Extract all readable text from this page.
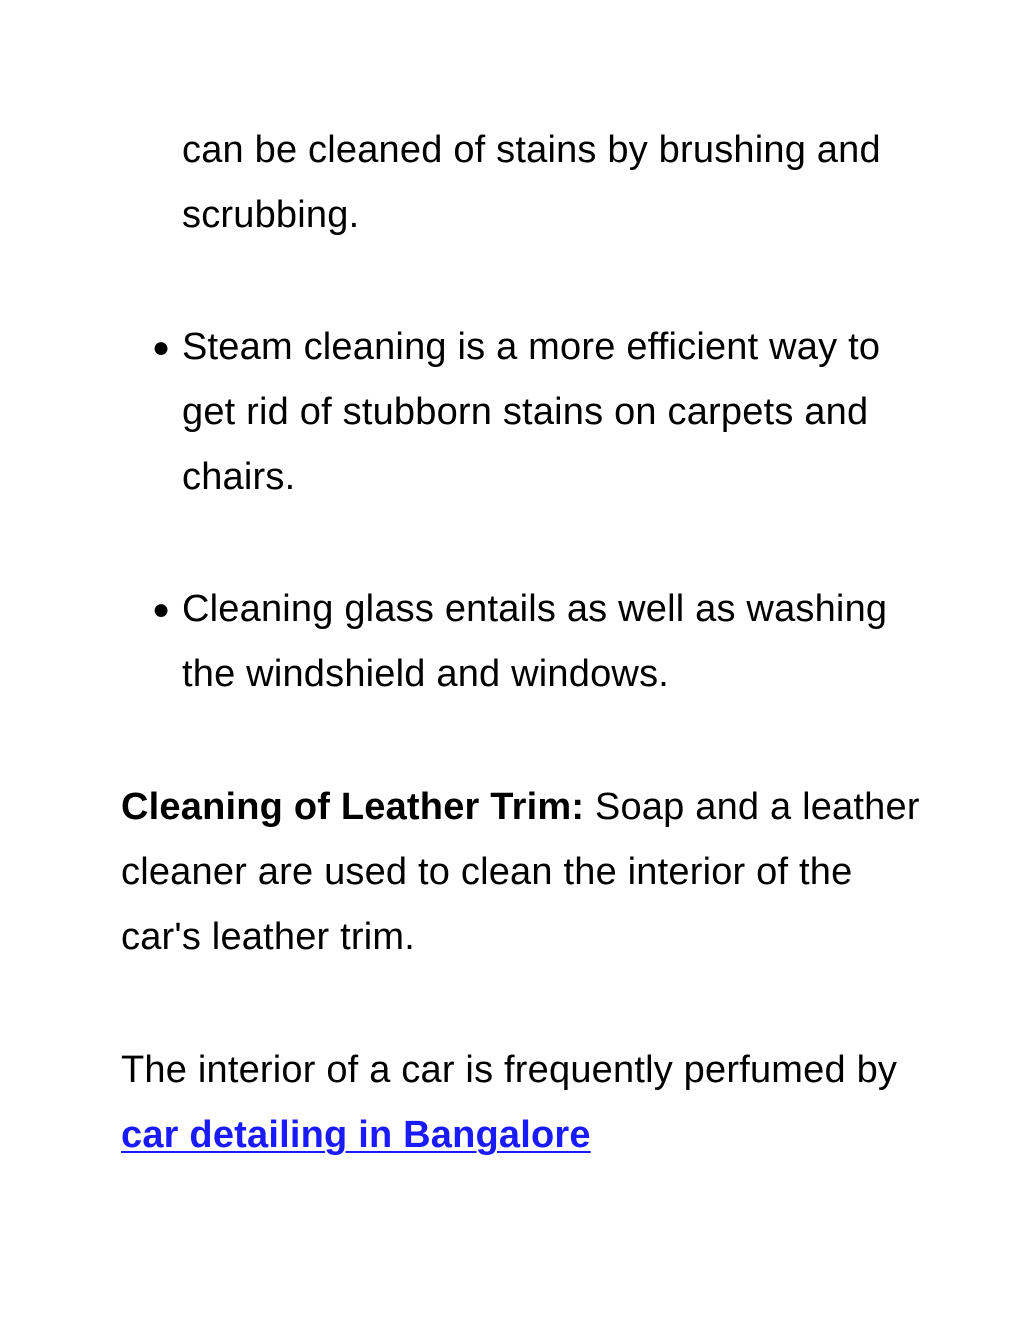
can be cleaned of stains by brushing and scrubbing.
● Steam cleaning is a more efficient way to get rid of stubborn stains on carpets and chairs.
● Cleaning glass entails as well as washing the windshield and windows.
Cleaning of Leather Trim: Soap and a leather cleaner are used to clean the interior of the car's leather trim.
The interior of a car is frequently perfumed by car detailing in Bangalore
